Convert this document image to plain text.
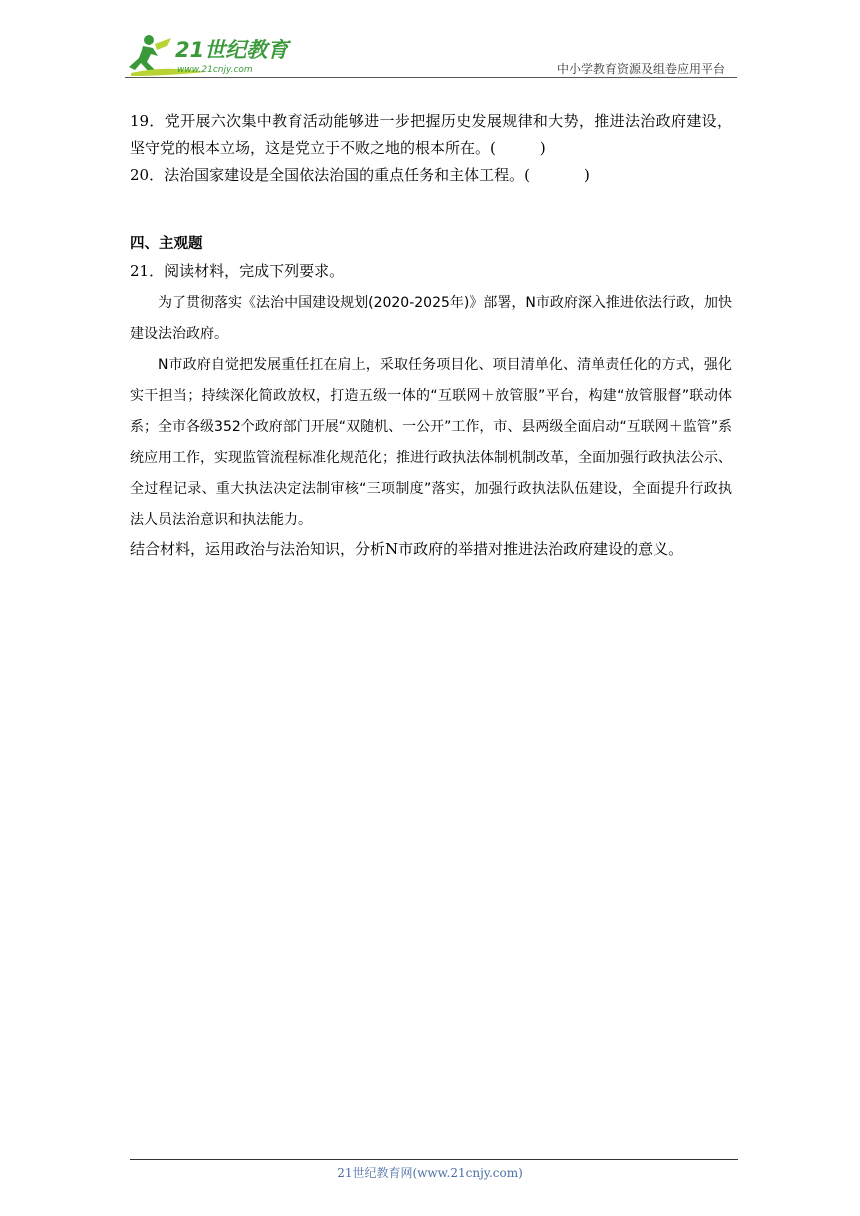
21世纪教育
www.21cnjy.com	中小学教育资源及组卷应用平台
19．党开展六次集中教育活动能够进一步把握历史发展规律和大势，推进法治政府建设，坚守党的根本立场，这是党立于不败之地的根本所在。(	)
20．法治国家建设是全国依法治国的重点任务和主体工程。(	)
四、主观题
21．阅读材料，完成下列要求。
为了贯彻落实《法治中国建设规划(2020-2025年)》部署，N市政府深入推进依法行政，加快建设法治政府。
N市政府自觉把发展重任扛在肩上，采取任务项目化、项目清单化、清单责任化的方式，强化实干担当；持续深化简政放权，打造五级一体的“互联网＋放管服”平台，构建“放管服督”联动体系；全市各级352个政府部门开展“双随机、一公开”工作，市、县两级全面启动“互联网＋监管”系统应用工作，实现监管流程标准化规范化；推进行政执法体制机制改革，全面加强行政执法公示、全过程记录、重大执法决定法制审核“三项制度”落实，加强行政执法队伍建设，全面提升行政执法人员法治意识和执法能力。
结合材料，运用政治与法治知识，分析N市政府的举措对推进法治政府建设的意义。
21世纪教育网(www.21cnjy.com)
